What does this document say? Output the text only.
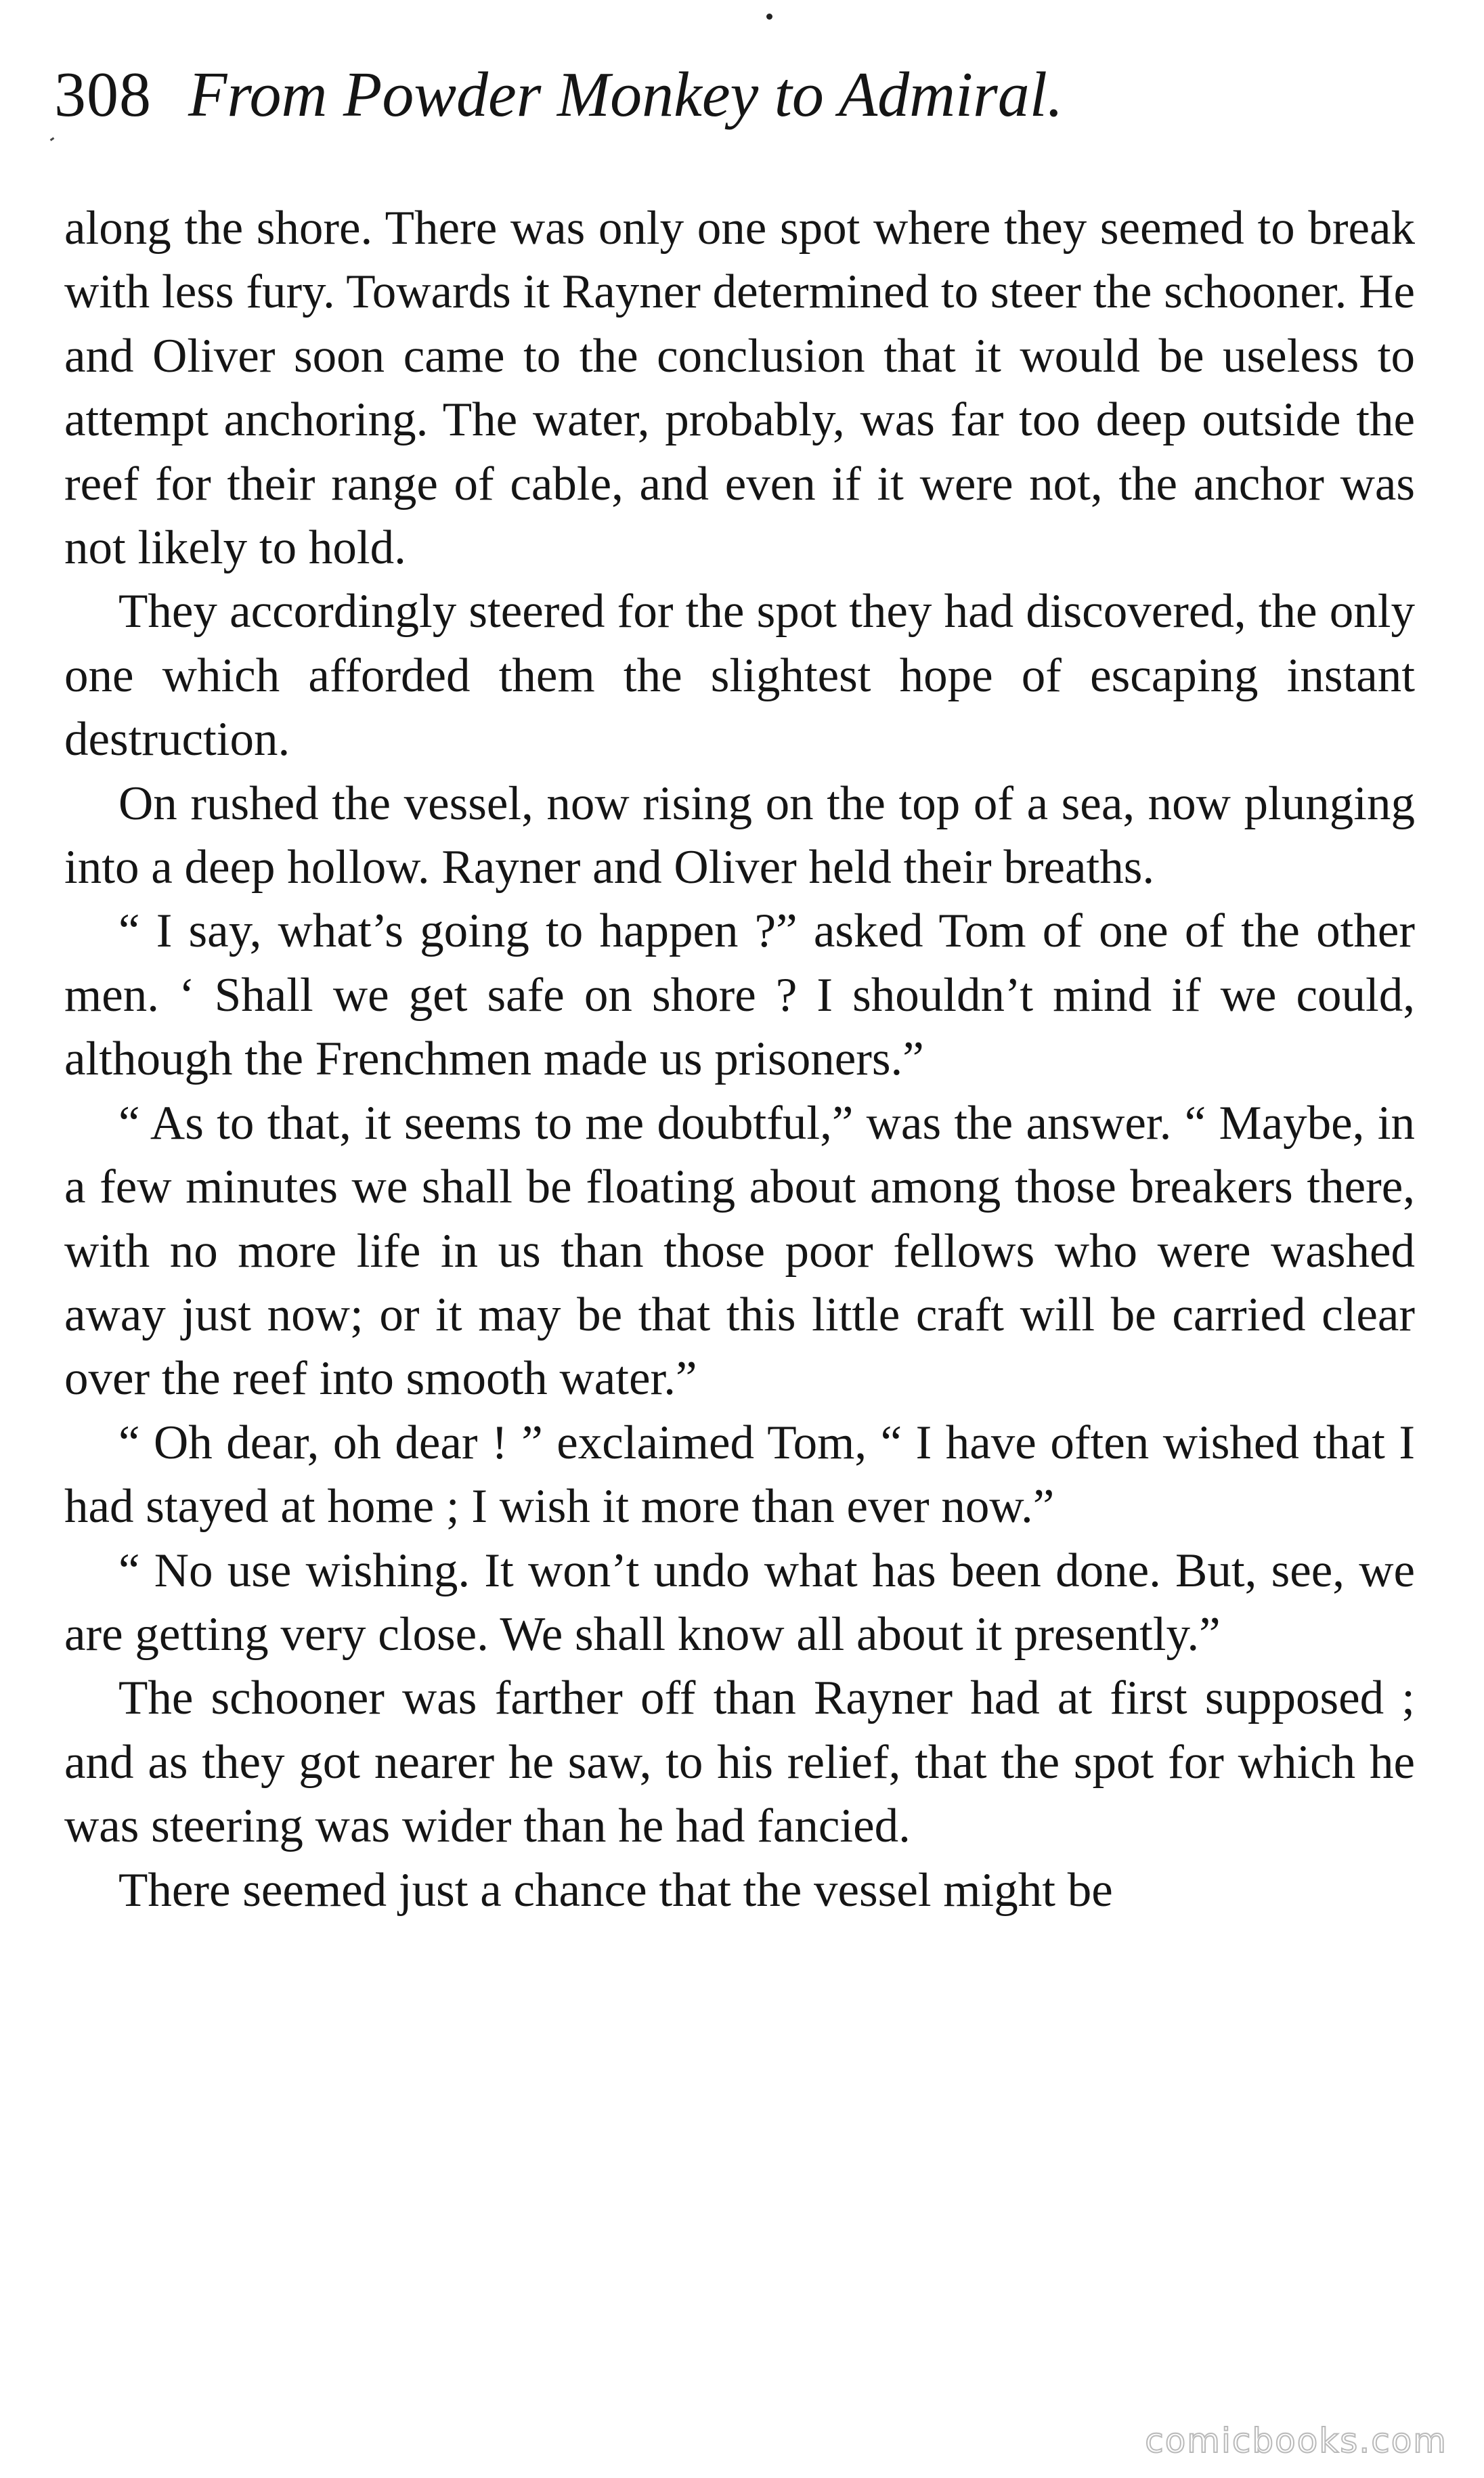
308 From Powder Monkey to Admiral.

along the shore. There was only one spot where they seemed to break with less fury. Towards it Rayner determined to steer the schooner. He and Oliver soon came to the conclusion that it would be useless to attempt anchoring. The water, probably, was far too deep outside the reef for their range of cable, and even if it were not, the anchor was not likely to hold.

They accordingly steered for the spot they had discovered, the only one which afforded them the slightest hope of escaping instant destruction.

On rushed the vessel, now rising on the top of a sea, now plunging into a deep hollow. Rayner and Oliver held their breaths.

“ I say, what’s going to happen ?” asked Tom of one of the other men. ‘ Shall we get safe on shore ? I shouldn’t mind if we could, although the Frenchmen made us prisoners.”

“ As to that, it seems to me doubtful,” was the answer. “ Maybe, in a few minutes we shall be floating about among those breakers there, with no more life in us than those poor fellows who were washed away just now; or it may be that this little craft will be carried clear over the reef into smooth water.”

“ Oh dear, oh dear ! ” exclaimed Tom, “ I have often wished that I had stayed at home ; I wish it more than ever now.”

“ No use wishing. It won’t undo what has been done. But, see, we are getting very close. We shall know all about it presently.”

The schooner was farther off than Rayner had at first supposed ; and as they got nearer he saw, to his relief, that the spot for which he was steering was wider than he had fancied.

There seemed just a chance that the vessel might be

comicbooks.com
